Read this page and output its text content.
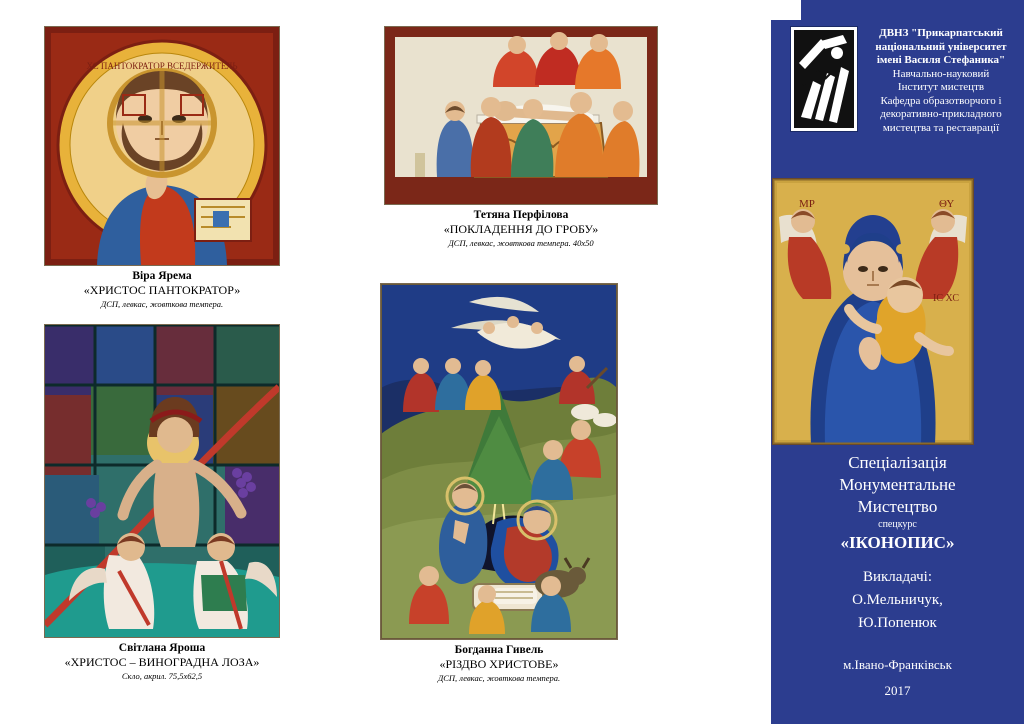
ХС ПАНТОКРАТОР ВСЕДЕРЖИТЕЛЬ
Віра Ярема
«ХРИСТОС ПАНТОКРАТОР»
ДСП, левкас, жовткова темпера.
Тетяна Перфілова
«ПОКЛАДЕННЯ ДО ГРОБУ»
ДСП, левкас, жовткова темпера. 40х50
Світлана Яроша
«ХРИСТОС – ВИНОГРАДНА ЛОЗА»
Скло, акрил. 75,5х62,5
Богданна Гивель
«РІЗДВО ХРИСТОВЕ»
ДСП, левкас, жовткова темпера.
ДВНЗ "Прикарпатський
національний університет
імені Василя Стефаника"
Навчально-науковий
Інститут мистецтв
Кафедра образотворчого і
декоративно-прикладного
мистецтва та реставрації
МР	ΘΥ
ІС ХС
Спеціалізація
Монументальне
Мистецтво
спецкурс
«ІКОНОПИС»
Викладачі:
О.Мельничук,
Ю.Попенюк
м.Івано-Франківськ
2017
